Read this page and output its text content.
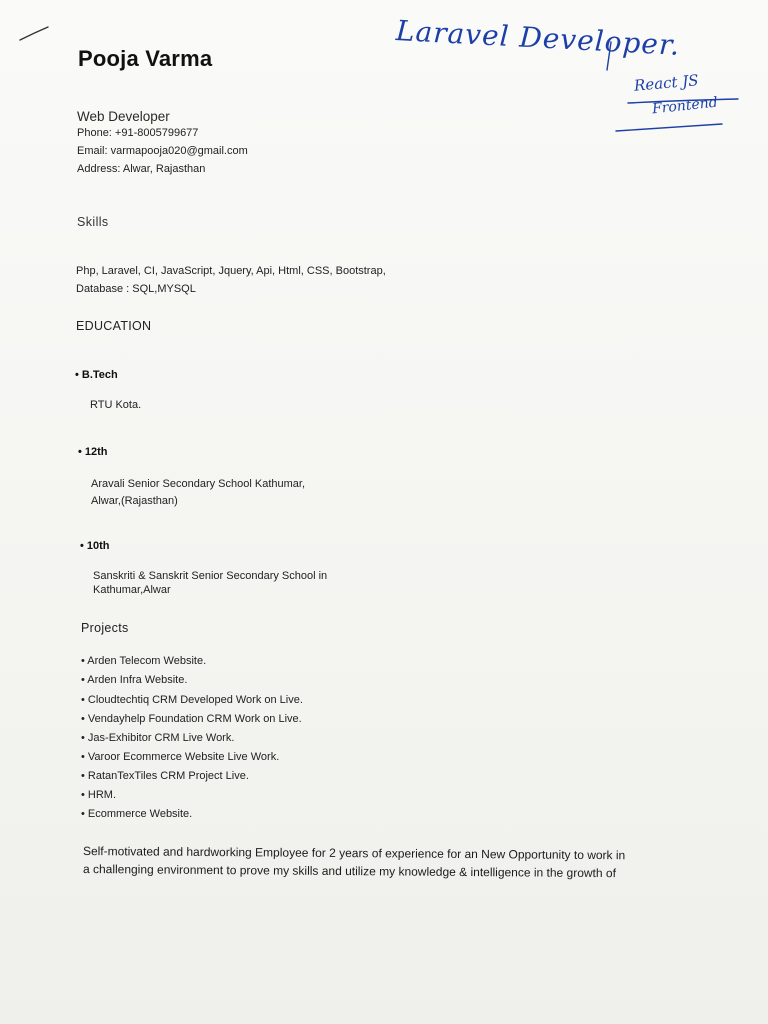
Pooja Varma
Web Developer
Phone: +91-8005799677
Email: varmapooja020@gmail.com
Address: Alwar, Rajasthan
Skills
Php, Laravel, CI, JavaScript, Jquery, Api, Html, CSS, Bootstrap,
Database : SQL,MYSQL
EDUCATION
• B.Tech
RTU Kota.
• 12th
Aravali Senior Secondary School Kathumar,
Alwar,(Rajasthan)
• 10th
Sanskriti & Sanskrit Senior Secondary School in
Kathumar,Alwar
Projects
• Arden Telecom Website.
• Arden Infra Website.
• Cloudtechtiq CRM Developed Work on Live.
• Vendayhelp Foundation CRM Work on Live.
• Jas-Exhibitor CRM Live Work.
• Varoor Ecommerce Website Live Work.
• RatanTexTiles CRM Project Live.
• HRM.
• Ecommerce Website.
Self-motivated and hardworking Employee for 2 years of experience for an New Opportunity to work in
a challenging environment to prove my skills and utilize my knowledge & intelligence in the growth of
Laravel Developer.
React JS
Frontend
